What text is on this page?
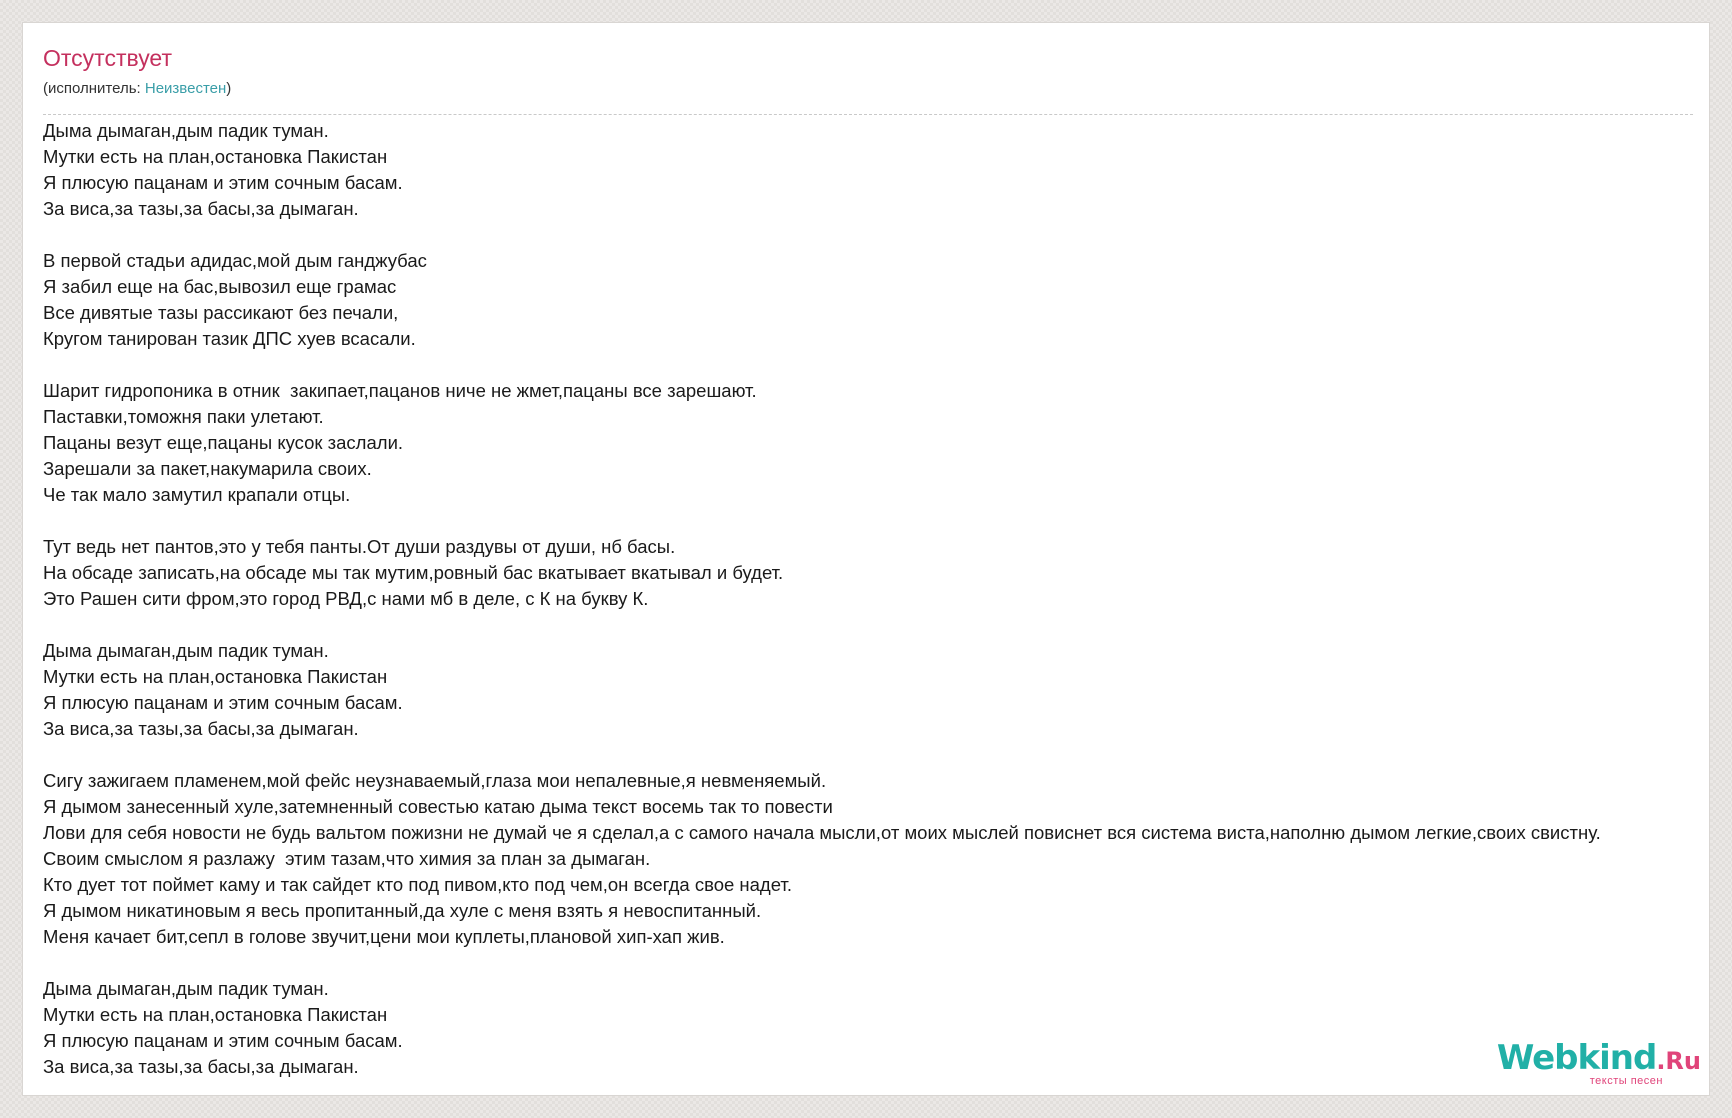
Отсутствует
(исполнитель: Неизвестен)
Дыма дымаган,дым падик туман.
Мутки есть на план,остановка Пакистан
Я плюсую пацанам и этим сочным басам.
За виса,за тазы,за басы,за дымаган.
В первой стадьи адидас,мой дым ганджубас
Я забил еще на бас,вывозил еще грамас
Все дивятые тазы рассикают без печали,
Кругом танирован тазик ДПС хуев всасали.
Шарит гидропоника в отник  закипает,пацанов ниче не жмет,пацаны все зарешают.
Паставки,томожня паки улетают.
Пацаны везут еще,пацаны кусок заслали.
Зарешали за пакет,накумарила своих.
Че так мало замутил крапали отцы.
Тут ведь нет пантов,это у тебя панты.От души раздувы от души, нб басы.
На обсаде записать,на обсаде мы так мутим,ровный бас вкатывает вкатывал и будет.
Это Рашен сити фром,это город РВД,с нами мб в деле, с К на букву К.
Дыма дымаган,дым падик туман.
Мутки есть на план,остановка Пакистан
Я плюсую пацанам и этим сочным басам.
За виса,за тазы,за басы,за дымаган.
Сигу зажигаем пламенем,мой фейс неузнаваемый,глаза мои непалевные,я невменяемый.
Я дымом занесенный хуле,затемненный совестью катаю дыма текст восемь так то повести
Лови для себя новости не будь вальтом пожизни не думай че я сделал,а с самого начала мысли,от моих мыслей повиснет вся система виста,наполню дымом легкие,своих свистну.
Своим смыслом я разлажу  этим тазам,что химия за план за дымаган.
Кто дует тот поймет каму и так сайдет кто под пивом,кто под чем,он всегда свое надет.
Я дымом никатиновым я весь пропитанный,да хуле с меня взять я невоспитанный.
Меня качает бит,сепл в голове звучит,цени мои куплеты,плановой хип-хап жив.
Дыма дымаган,дым падик туман.
Мутки есть на план,остановка Пакистан
Я плюсую пацанам и этим сочным басам.
За виса,за тазы,за басы,за дымаган.	Webkind.Ru
тексты песен
